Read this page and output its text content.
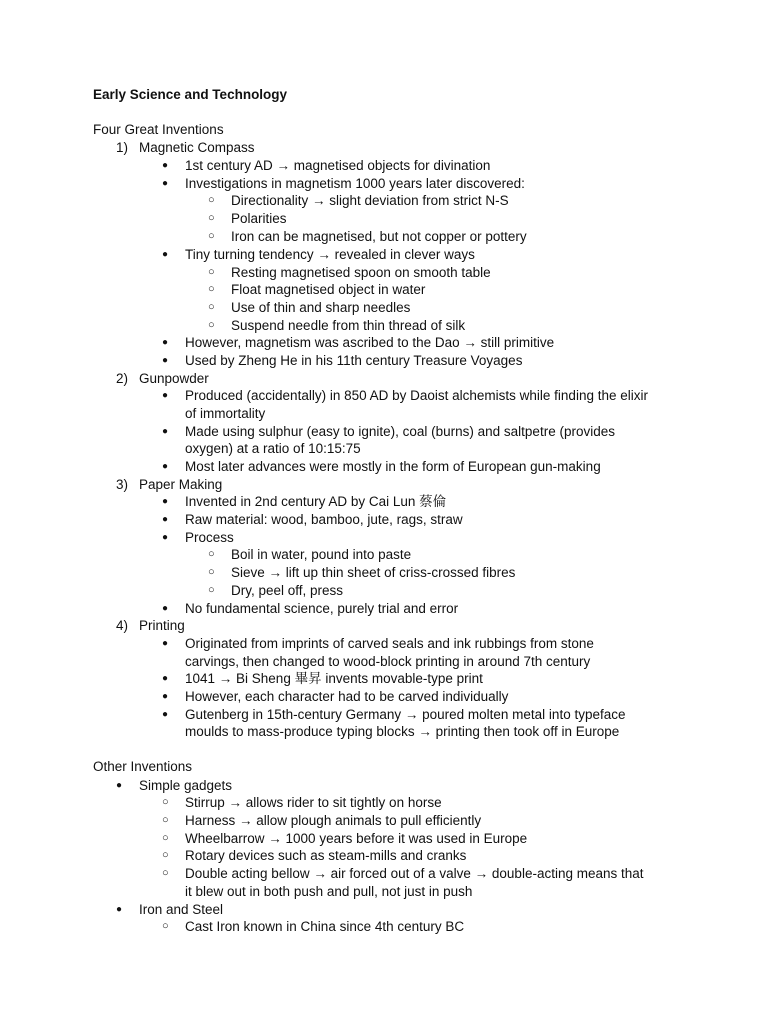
Early Science and Technology
Four Great Inventions
1) Magnetic Compass
● 1st century AD → magnetised objects for divination
● Investigations in magnetism 1000 years later discovered:
○ Directionality → slight deviation from strict N-S
○ Polarities
○ Iron can be magnetised, but not copper or pottery
● Tiny turning tendency → revealed in clever ways
○ Resting magnetised spoon on smooth table
○ Float magnetised object in water
○ Use of thin and sharp needles
○ Suspend needle from thin thread of silk
● However, magnetism was ascribed to the Dao → still primitive
● Used by Zheng He in his 11th century Treasure Voyages
2) Gunpowder
● Produced (accidentally) in 850 AD by Daoist alchemists while finding the elixir
of immortality
● Made using sulphur (easy to ignite), coal (burns) and saltpetre (provides
oxygen) at a ratio of 10:15:75
● Most later advances were mostly in the form of European gun-making
3) Paper Making
● Invented in 2nd century AD by Cai Lun 蔡倫
● Raw material: wood, bamboo, jute, rags, straw
● Process
○ Boil in water, pound into paste
○ Sieve → lift up thin sheet of criss-crossed fibres
○ Dry, peel off, press
● No fundamental science, purely trial and error
4) Printing
● Originated from imprints of carved seals and ink rubbings from stone
carvings, then changed to wood-block printing in around 7th century
● 1041 → Bi Sheng 畢昇 invents movable-type print
● However, each character had to be carved individually
● Gutenberg in 15th-century Germany → poured molten metal into typeface
moulds to mass-produce typing blocks → printing then took off in Europe
Other Inventions
● Simple gadgets
○ Stirrup → allows rider to sit tightly on horse
○ Harness → allow plough animals to pull efficiently
○ Wheelbarrow → 1000 years before it was used in Europe
○ Rotary devices such as steam-mills and cranks
○ Double acting bellow → air forced out of a valve → double-acting means that
it blew out in both push and pull, not just in push
● Iron and Steel
○ Cast Iron known in China since 4th century BC
